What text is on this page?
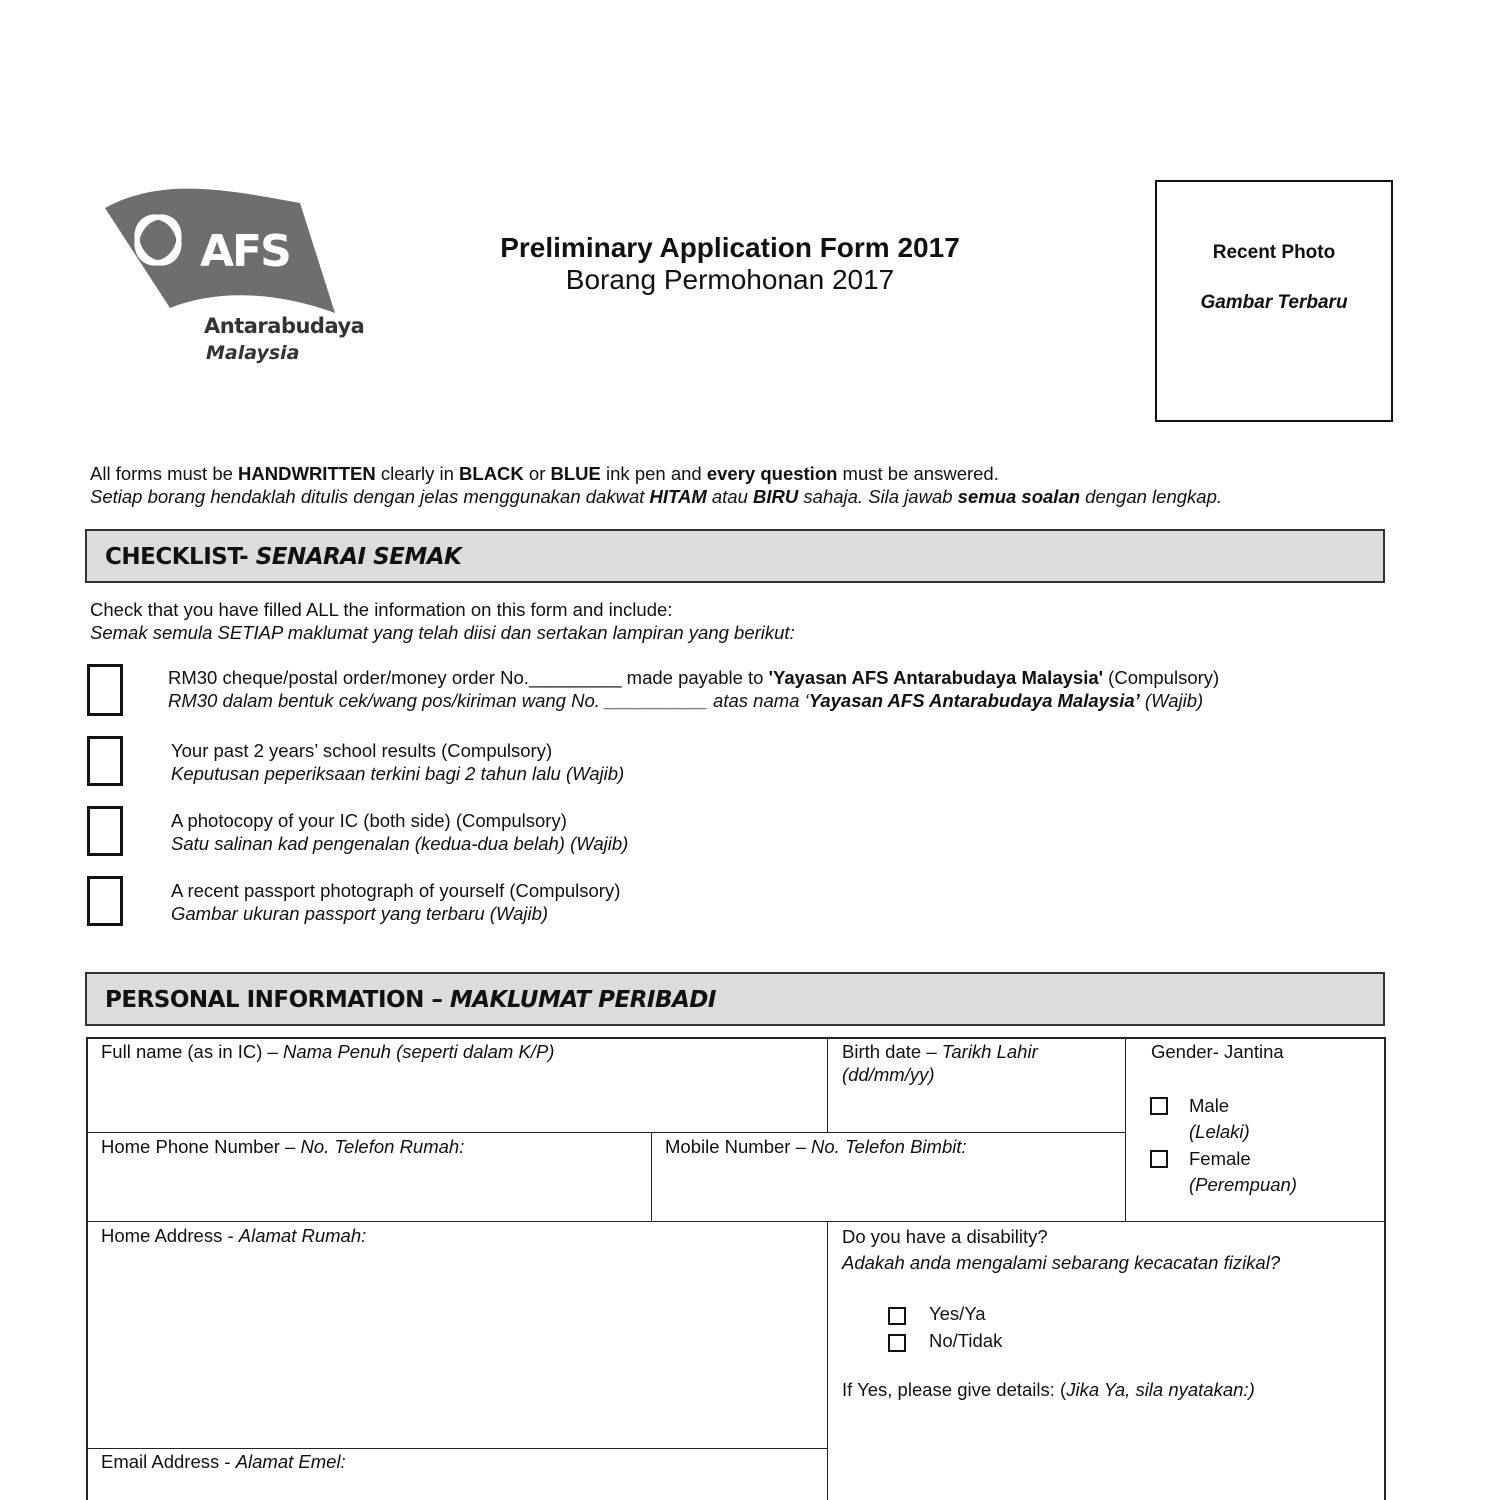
AFS
Antarabudaya
Malaysia
Preliminary Application Form 2017
Borang Permohonan 2017
Recent Photo
Gambar Terbaru
All forms must be HANDWRITTEN clearly in BLACK or BLUE ink pen and every question must be answered.
Setiap borang hendaklah ditulis dengan jelas menggunakan dakwat HITAM atau BIRU sahaja. Sila jawab semua soalan dengan lengkap.
CHECKLIST- SENARAI SEMAK
Check that you have filled ALL the information on this form and include:
Semak semula SETIAP maklumat yang telah diisi dan sertakan lampiran yang berikut:
RM30 cheque/postal order/money order No._________ made payable to 'Yayasan AFS Antarabudaya Malaysia' (Compulsory)
RM30 dalam bentuk cek/wang pos/kiriman wang No. __________ atas nama ‘Yayasan AFS Antarabudaya Malaysia’ (Wajib)
Your past 2 years’ school results (Compulsory)
Keputusan peperiksaan terkini bagi 2 tahun lalu (Wajib)
A photocopy of your IC (both side) (Compulsory)
Satu salinan kad pengenalan (kedua-dua belah) (Wajib)
A recent passport photograph of yourself (Compulsory)
Gambar ukuran passport yang terbaru (Wajib)
PERSONAL INFORMATION – MAKLUMAT PERIBADI
Full name (as in IC) – Nama Penuh (seperti dalam K/P)	Birth date – Tarikh Lahir
(dd/mm/yy)
Gender- Jantina
Male
(Lelaki)
Female
(Perempuan)
Home Phone Number – No. Telefon Rumah:	Mobile Number – No. Telefon Bimbit:
Home Address - Alamat Rumah:	Do you have a disability?
Adakah anda mengalami sebarang kecacatan fizikal?
Yes/Ya
No/Tidak
If Yes, please give details: (Jika Ya, sila nyatakan:)
Email Address - Alamat Emel:
